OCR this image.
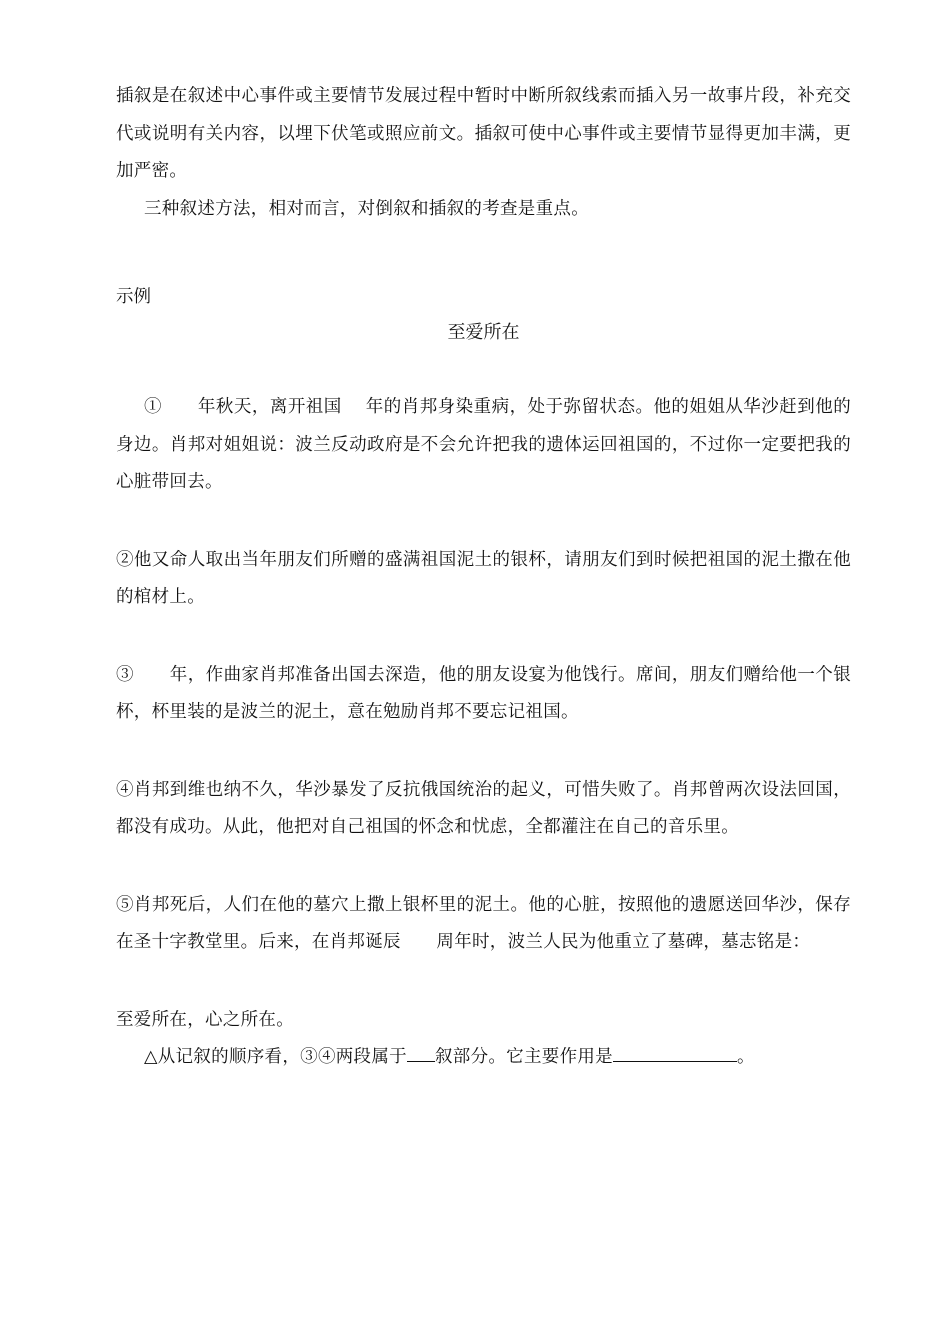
插叙是在叙述中心事件或主要情节发展过程中暂时中断所叙线索而插入另一故事片段，补充交代或说明有关内容，以埋下伏笔或照应前文。插叙可使中心事件或主要情节显得更加丰满，更加严密。

三种叙述方法，相对而言，对倒叙和插叙的考查是重点。

示例

至爱所在

①　　年秋天，离开祖国　 年的肖邦身染重病，处于弥留状态。他的姐姐从华沙赶到他的身边。肖邦对姐姐说：波兰反动政府是不会允许把我的遗体运回祖国的，不过你一定要把我的心脏带回去。

②他又命人取出当年朋友们所赠的盛满祖国泥土的银杯，请朋友们到时候把祖国的泥土撒在他的棺材上。

③　　年，作曲家肖邦准备出国去深造，他的朋友设宴为他饯行。席间，朋友们赠给他一个银杯，杯里装的是波兰的泥土，意在勉励肖邦不要忘记祖国。

④肖邦到维也纳不久，华沙暴发了反抗俄国统治的起义，可惜失败了。肖邦曾两次设法回国，都没有成功。从此，他把对自己祖国的怀念和忧虑，全都灌注在自己的音乐里。

⑤肖邦死后，人们在他的墓穴上撒上银杯里的泥土。他的心脏，按照他的遗愿送回华沙，保存在圣十字教堂里。后来，在肖邦诞辰　　周年时，波兰人民为他重立了墓碑，墓志铭是：

至爱所在，心之所在。

△从记叙的顺序看，③④两段属于 叙部分。它主要作用是	。
